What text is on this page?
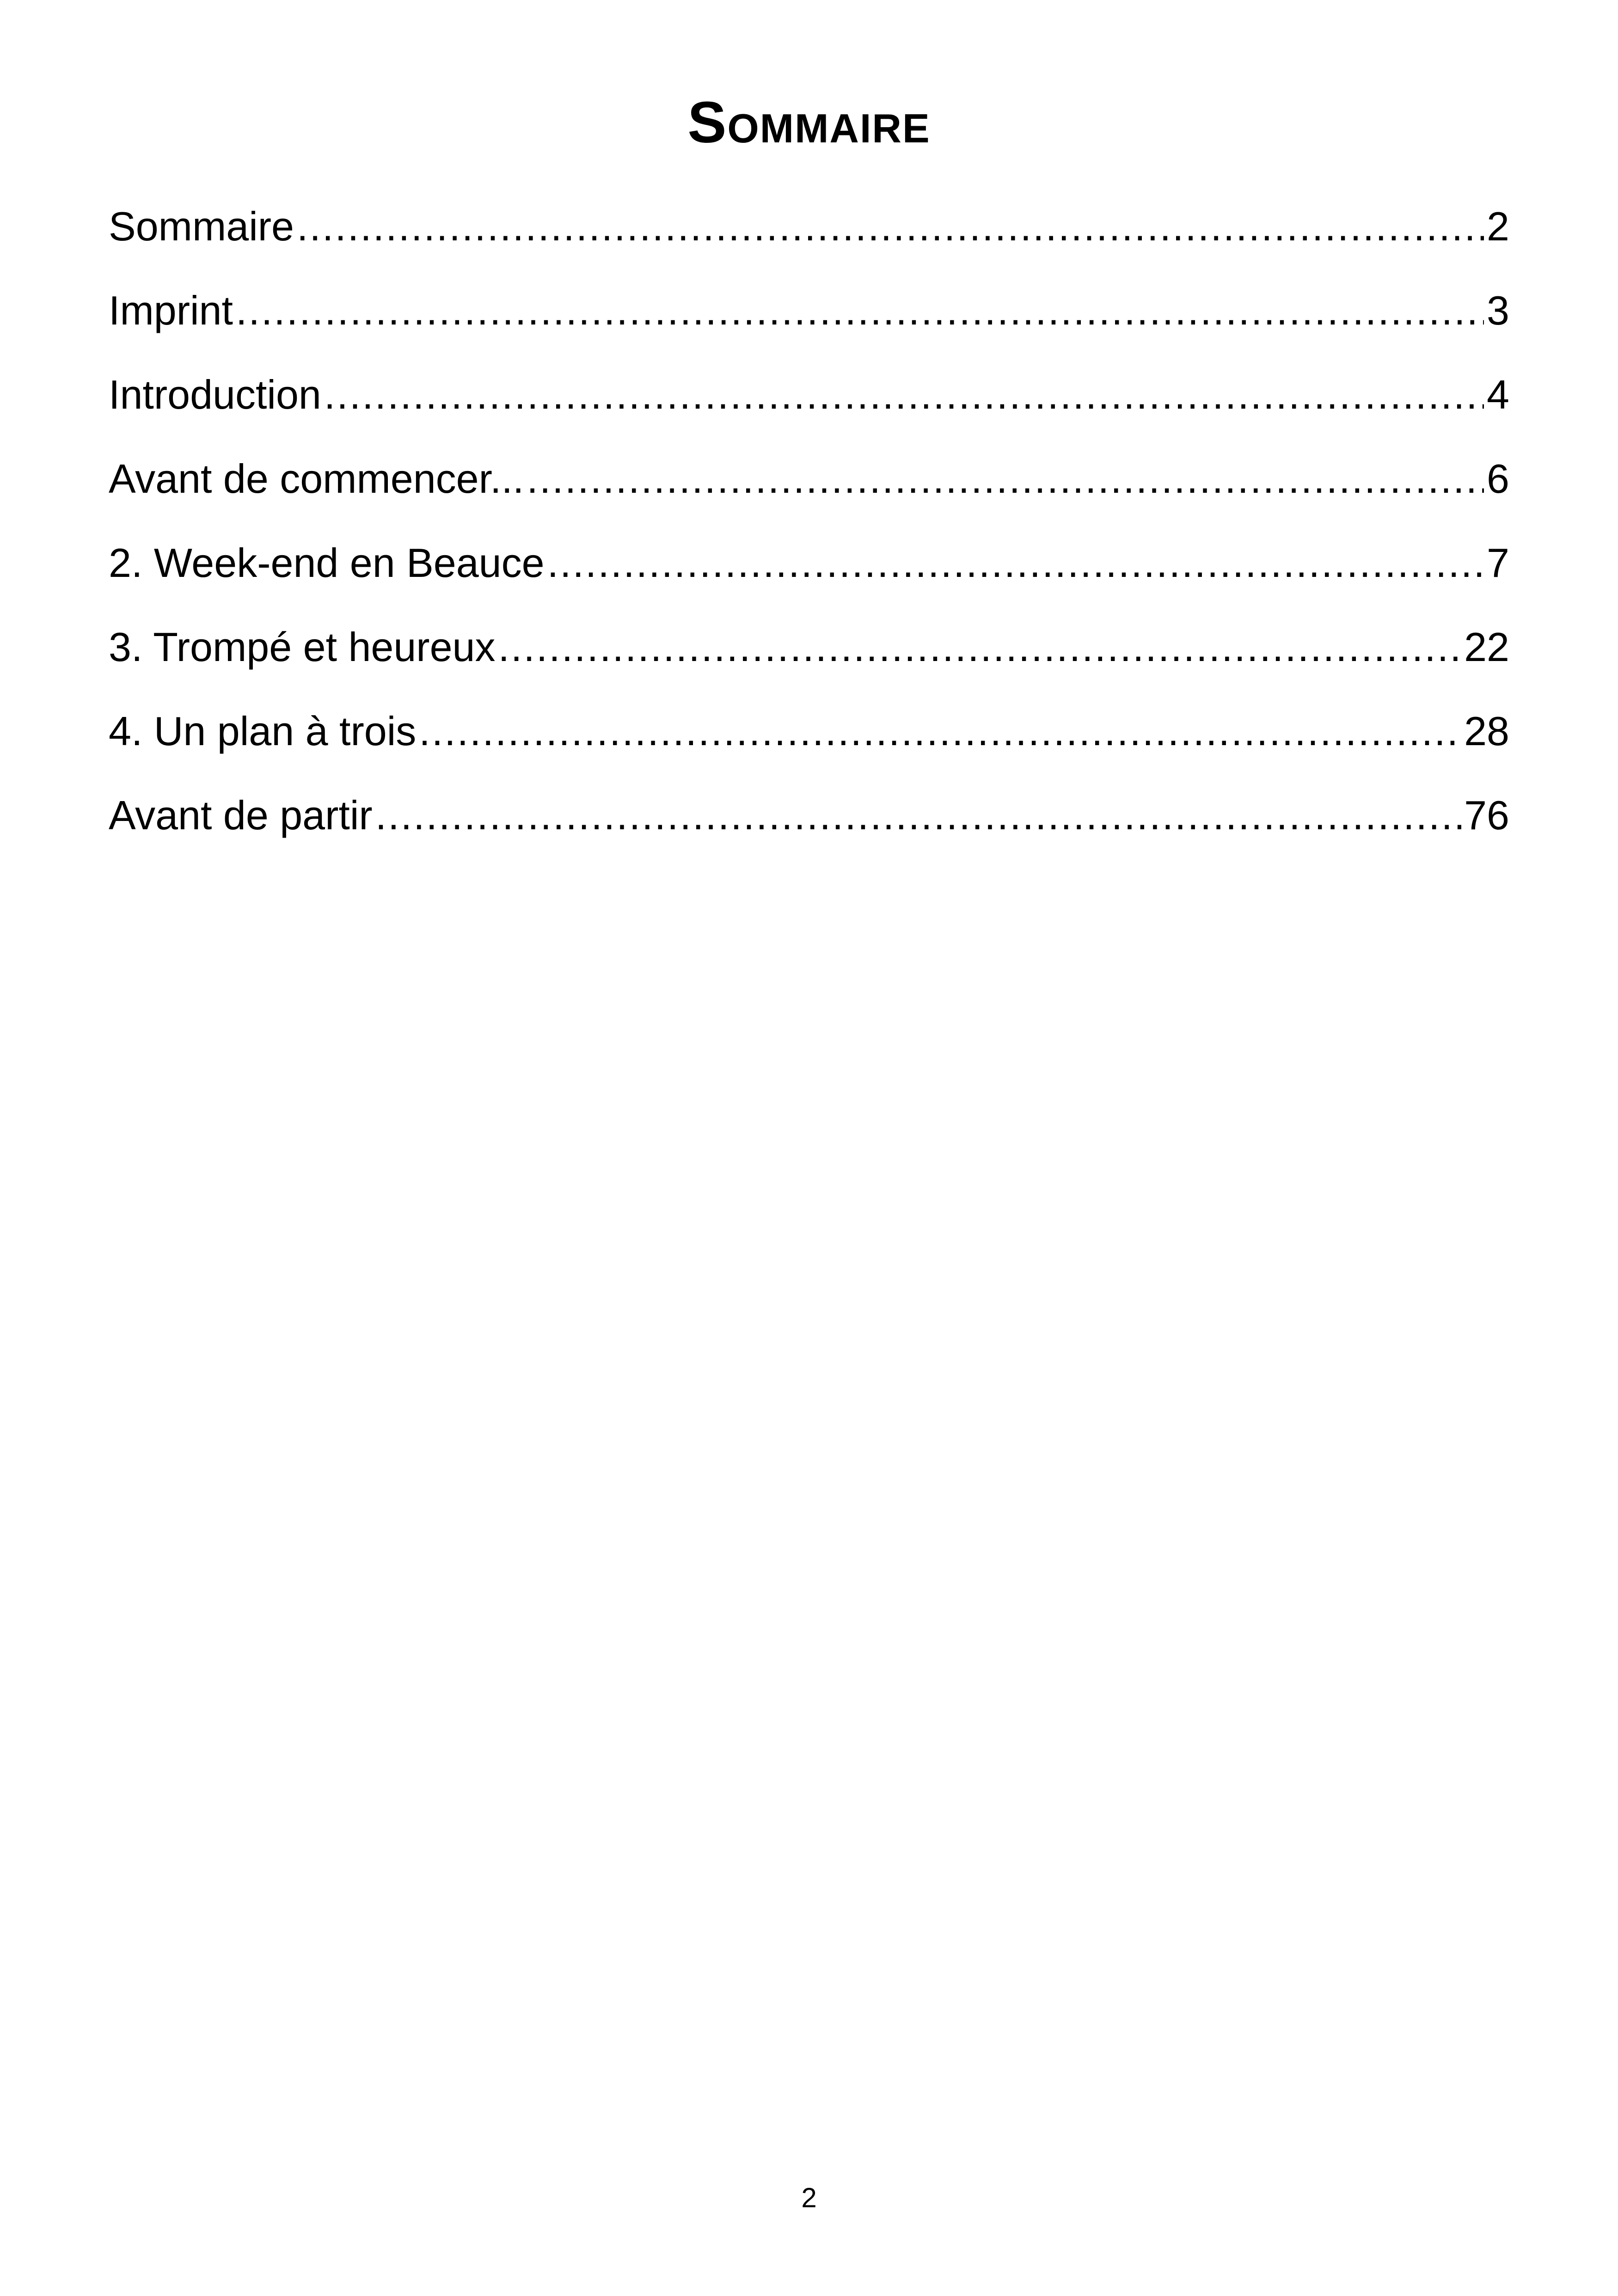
Sommaire
Sommaire .....	2
Imprint .....	3
Introduction .....	4
Avant de commencer... .....	6
2. Week-end en Beauce .....	7
3. Trompé et heureux .....	22
4. Un plan à trois .....	28
Avant de partir .....	76
2
